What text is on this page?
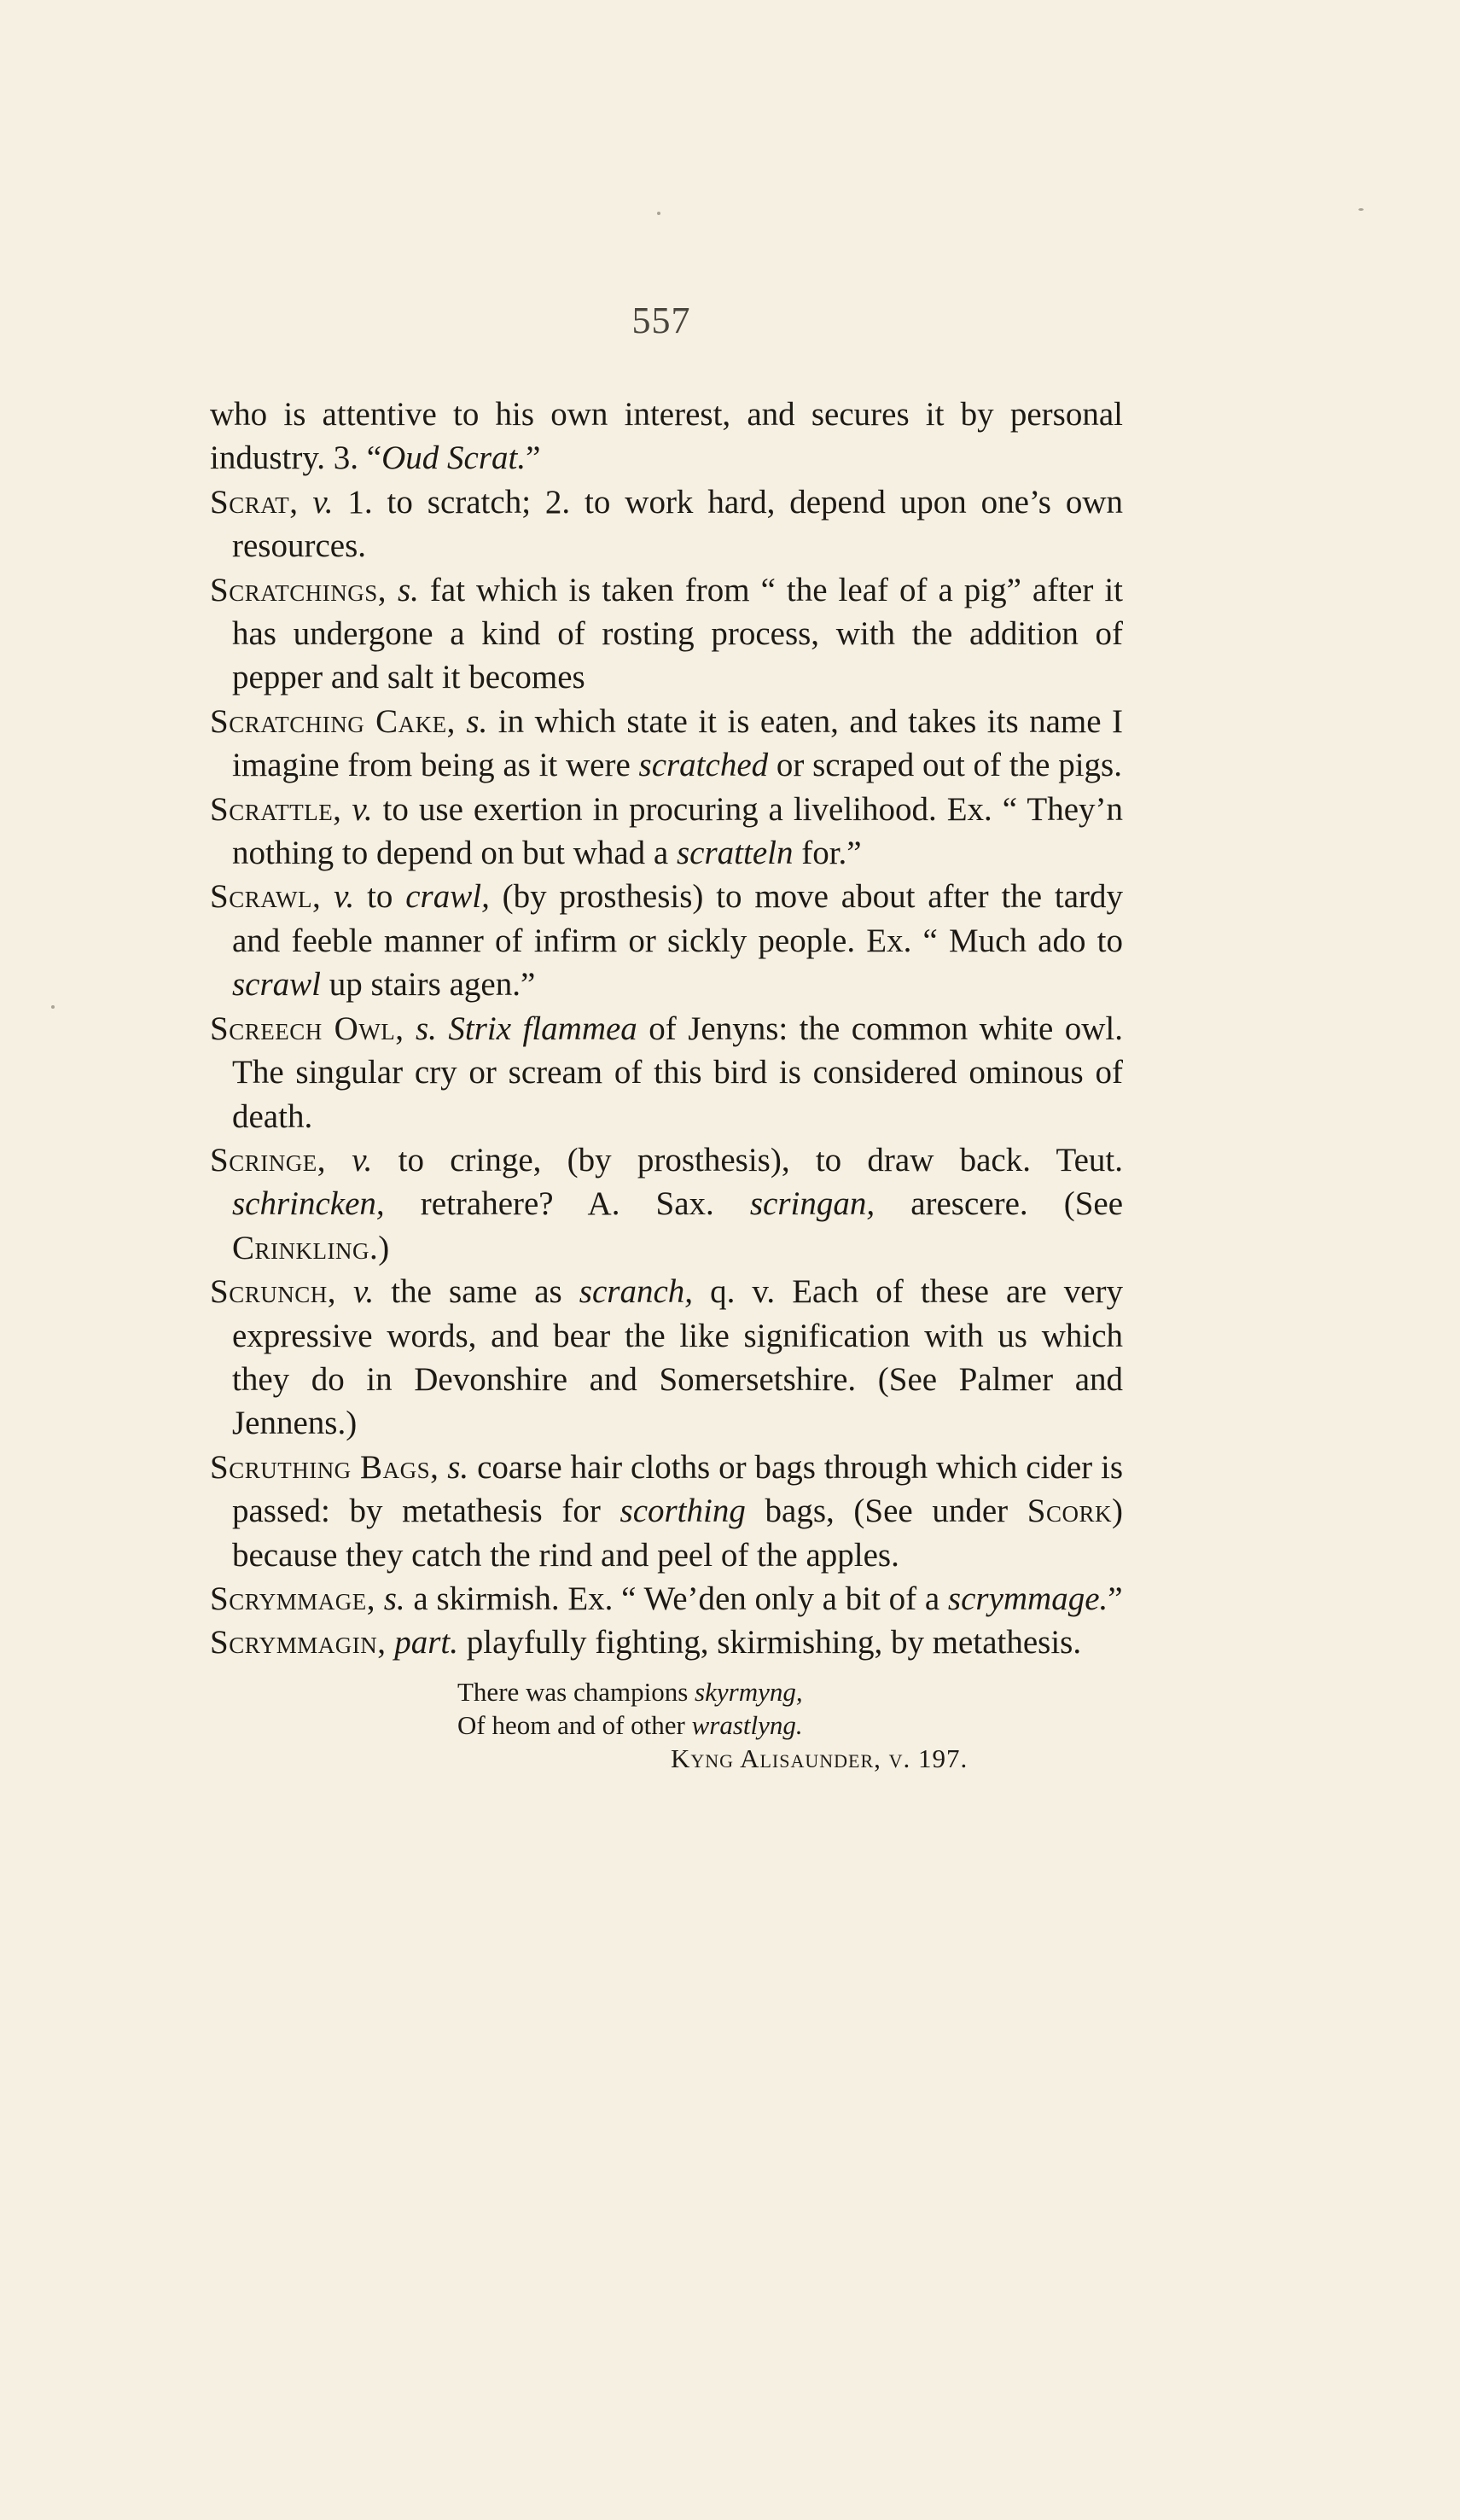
557

who is attentive to his own interest, and secures it by personal industry. 3. “Oud Scrat.”

Scrat, v. 1. to scratch; 2. to work hard, depend upon one’s own resources.

Scratchings, s. fat which is taken from “ the leaf of a pig” after it has undergone a kind of rosting process, with the addition of pepper and salt it becomes

Scratching Cake, s. in which state it is eaten, and takes its name I imagine from being as it were scratched or scraped out of the pigs.

Scrattle, v. to use exertion in procuring a livelihood. Ex. “ They’n nothing to depend on but whad a scratteln for.”

Scrawl, v. to crawl, (by prosthesis) to move about after the tardy and feeble manner of infirm or sickly people. Ex. “ Much ado to scrawl up stairs agen.”

Screech Owl, s. Strix flammea of Jenyns: the common white owl. The singular cry or scream of this bird is considered ominous of death.

Scringe, v. to cringe, (by prosthesis), to draw back. Teut. schrincken, retrahere? A. Sax. scringan, arescere. (See Crinkling.)

Scrunch, v. the same as scranch, q. v. Each of these are very expressive words, and bear the like signification with us which they do in Devonshire and Somersetshire. (See Palmer and Jennens.)

Scruthing Bags, s. coarse hair cloths or bags through which cider is passed: by metathesis for scorthing bags, (See under Scork) because they catch the rind and peel of the apples.

Scrymmage, s. a skirmish. Ex. “ We’den only a bit of a scrymmage.”

Scrymmagin, part. playfully fighting, skirmishing, by metathesis.

There was champions skyrmyng,
Of heom and of other wrastlyng.
Kyng Alisaunder, v. 197.
